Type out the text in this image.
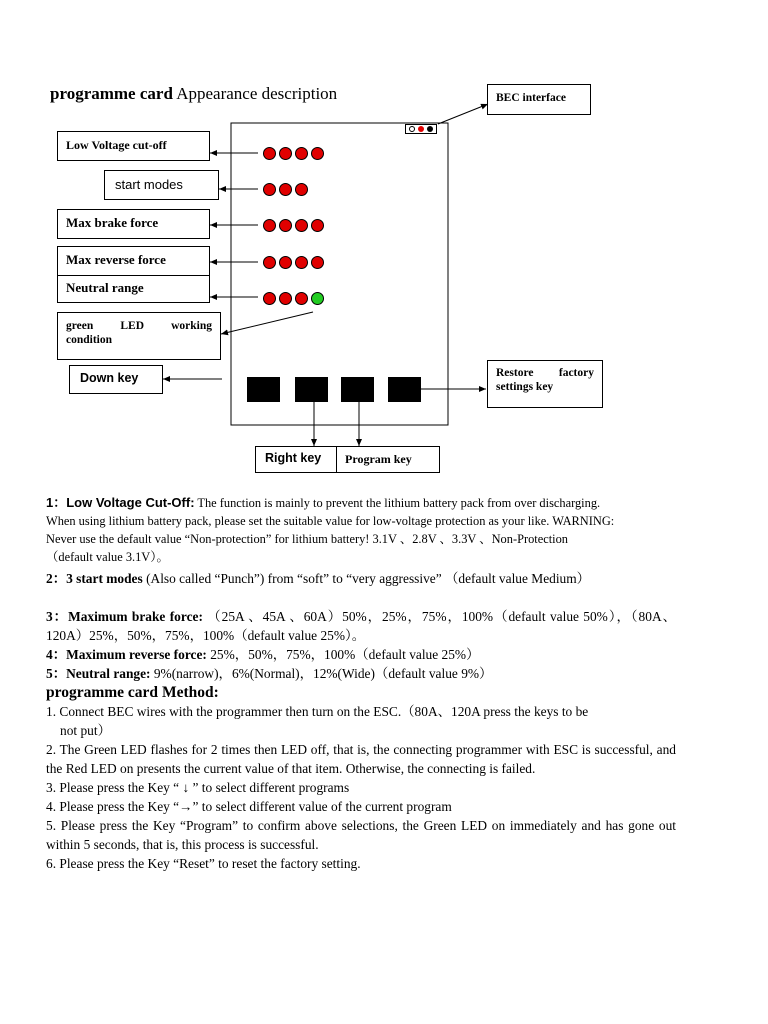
programme card Appearance description	BEC interface
Low Voltage cut-off
start modes
Max brake force
Max reverse force
Neutral range
green LED working
condition
Down key	Restore factory
settings key
Right key	Program key

1：Low Voltage Cut-Off: The function is mainly to prevent the lithium battery pack from over discharging.

When using lithium battery pack, please set the suitable value for low-voltage protection as your like. WARNING:

Never use the default value “Non-protection” for lithium battery! 3.1V 、2.8V 、3.3V 、Non-Protection

（default value 3.1V）。

2：3 start modes (Also called “Punch”) from “soft” to “very aggressive” （default value Medium）

3：Maximum brake force: （25A 、45A 、60A）50%，25%，75%，100%（default value 50%），（80A、120A）25%，50%，75%，100%（default value 25%）。

4：Maximum reverse force: 25%，50%，75%，100%（default value 25%）

5：Neutral range: 9%(narrow)，6%(Normal)，12%(Wide)（default value 9%）

programme card Method:

1. Connect BEC wires with the programmer then turn on the ESC.（80A、120A press the keys to be

not put）

2. The Green LED flashes for 2 times then LED off, that is, the connecting programmer with ESC is successful, and the Red LED on presents the current value of that item. Otherwise, the connecting is failed.

3. Please press the Key “ ↓ ” to select different programs

4. Please press the Key “→” to select different value of the current program

5. Please press the Key “Program” to confirm above selections, the Green LED on immediately and has gone out within 5 seconds, that is, this process is successful.

6. Please press the Key “Reset” to reset the factory setting.
